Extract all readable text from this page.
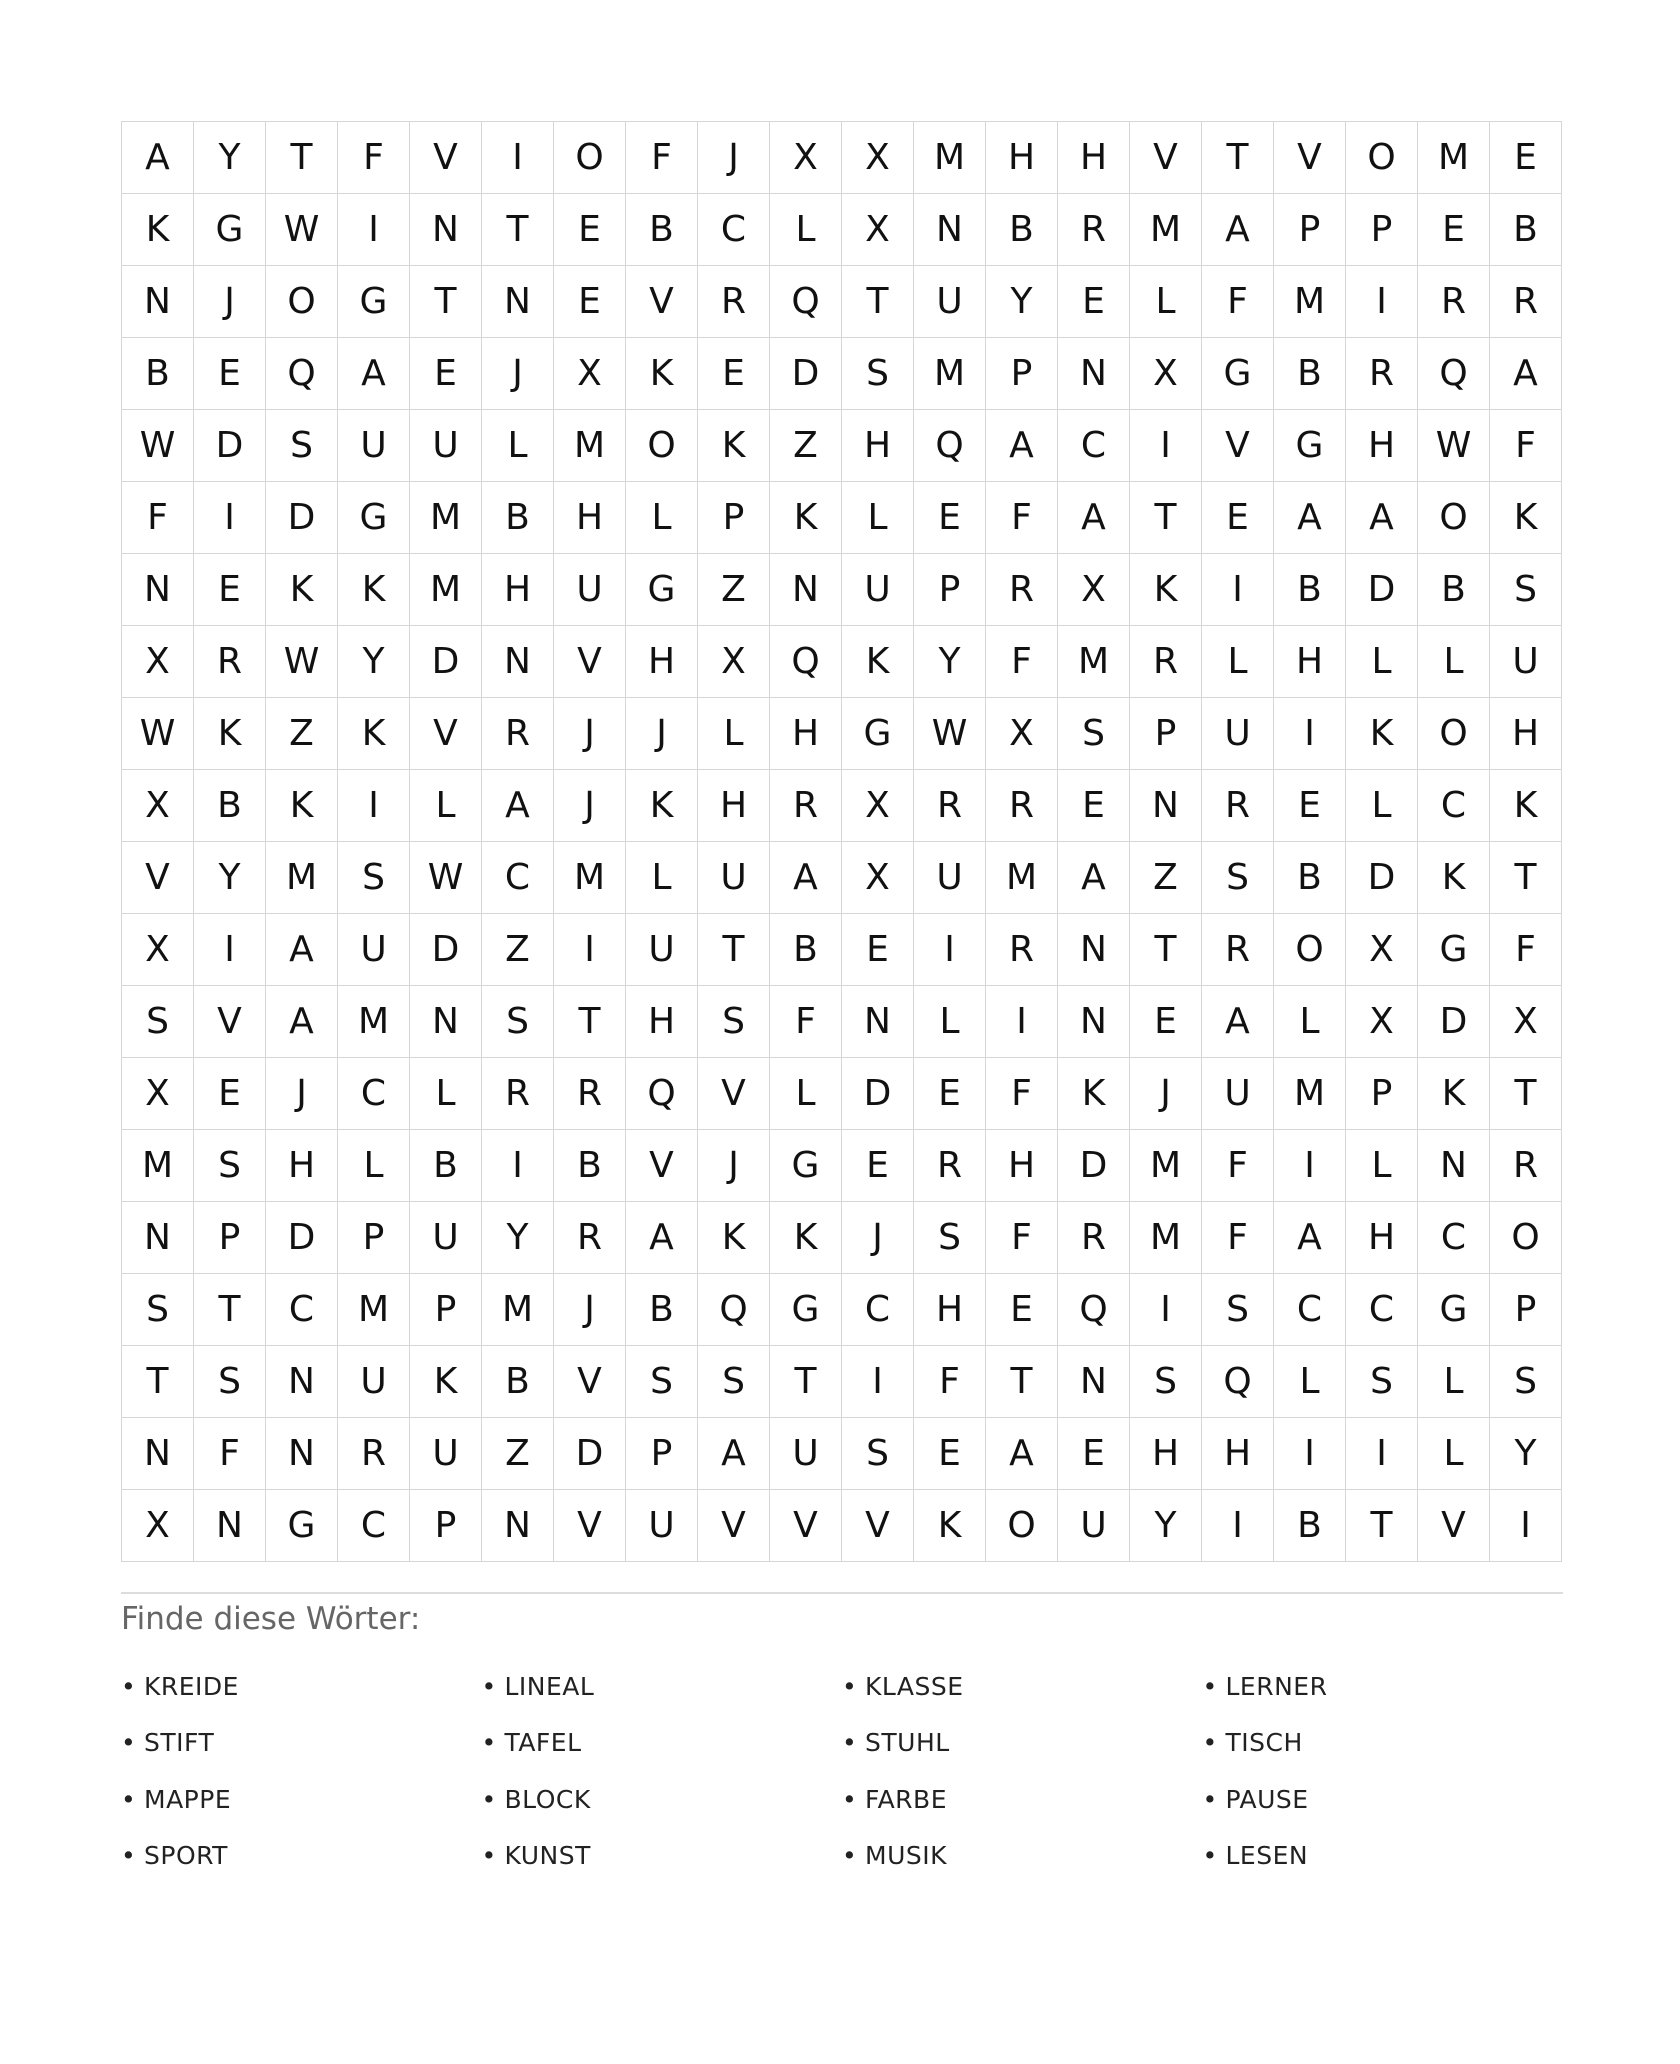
A	Y	T	F	V	I	O	F	J	X	X	M	H	H	V	T	V	O	M	E
K	G	W	I	N	T	E	B	C	L	X	N	B	R	M	A	P	P	E	B
N	J	O	G	T	N	E	V	R	Q	T	U	Y	E	L	F	M	I	R	R
B	E	Q	A	E	J	X	K	E	D	S	M	P	N	X	G	B	R	Q	A
W	D	S	U	U	L	M	O	K	Z	H	Q	A	C	I	V	G	H	W	F
F	I	D	G	M	B	H	L	P	K	L	E	F	A	T	E	A	A	O	K
N	E	K	K	M	H	U	G	Z	N	U	P	R	X	K	I	B	D	B	S
X	R	W	Y	D	N	V	H	X	Q	K	Y	F	M	R	L	H	L	L	U
W	K	Z	K	V	R	J	J	L	H	G	W	X	S	P	U	I	K	O	H
X	B	K	I	L	A	J	K	H	R	X	R	R	E	N	R	E	L	C	K
V	Y	M	S	W	C	M	L	U	A	X	U	M	A	Z	S	B	D	K	T
X	I	A	U	D	Z	I	U	T	B	E	I	R	N	T	R	O	X	G	F
S	V	A	M	N	S	T	H	S	F	N	L	I	N	E	A	L	X	D	X
X	E	J	C	L	R	R	Q	V	L	D	E	F	K	J	U	M	P	K	T
M	S	H	L	B	I	B	V	J	G	E	R	H	D	M	F	I	L	N	R
N	P	D	P	U	Y	R	A	K	K	J	S	F	R	M	F	A	H	C	O
S	T	C	M	P	M	J	B	Q	G	C	H	E	Q	I	S	C	C	G	P
T	S	N	U	K	B	V	S	S	T	I	F	T	N	S	Q	L	S	L	S
N	F	N	R	U	Z	D	P	A	U	S	E	A	E	H	H	I	I	L	Y
X	N	G	C	P	N	V	U	V	V	V	K	O	U	Y	I	B	T	V	I
Finde diese Wörter:
• KREIDE	• LINEAL	• KLASSE	• LERNER
• STIFT	• TAFEL	• STUHL	• TISCH
• MAPPE	• BLOCK	• FARBE	• PAUSE
• SPORT	• KUNST	• MUSIK	• LESEN
